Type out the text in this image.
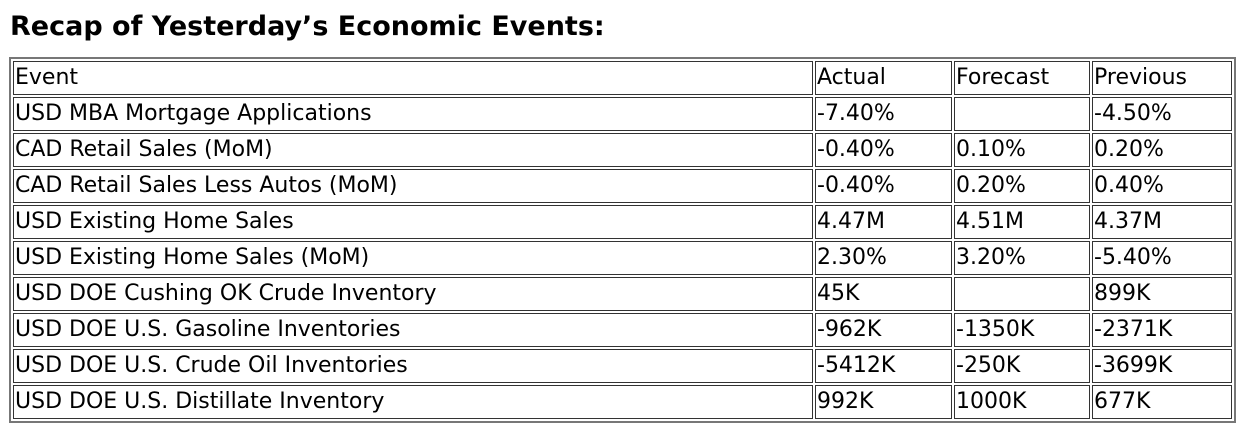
Recap of Yesterday’s Economic Events:
Event	Actual	Forecast	Previous
USD MBA Mortgage Applications	-7.40%		-4.50%
CAD Retail Sales (MoM)	-0.40%	0.10%	0.20%
CAD Retail Sales Less Autos (MoM)	-0.40%	0.20%	0.40%
USD Existing Home Sales	4.47M	4.51M	4.37M
USD Existing Home Sales (MoM)	2.30%	3.20%	-5.40%
USD DOE Cushing OK Crude Inventory	45K		899K
USD DOE U.S. Gasoline Inventories	-962K	-1350K	-2371K
USD DOE U.S. Crude Oil Inventories	-5412K	-250K	-3699K
USD DOE U.S. Distillate Inventory	992K	1000K	677K
